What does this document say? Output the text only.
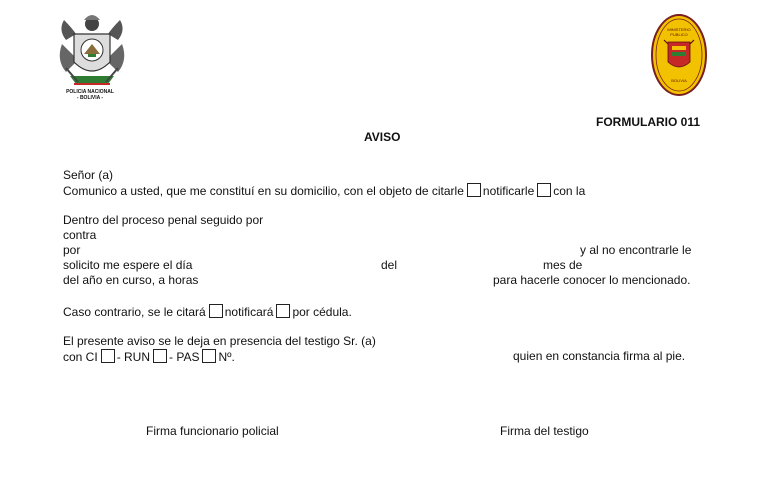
POLICIA NACIONAL
- BOLIVIA -
MINISTERIO
PUBLICO
BOLIVIA
FORMULARIO 011
AVISO
Señor (a)
Comunico a usted, que me constituí en su domicilio, con el objeto de citarle notificarle con la
Dentro del proceso penal seguido por
contra
por	y al no encontrarle le
solicito me espere el día	del	mes de
del año en curso, a horas	para hacerle conocer lo mencionado.
Caso contrario, se le citará notificará por cédula.
El presente aviso se le deja en presencia del testigo Sr. (a)
con CI - RUN - PAS Nº.	quien en constancia firma al pie.
Firma funcionario policial	Firma del testigo
